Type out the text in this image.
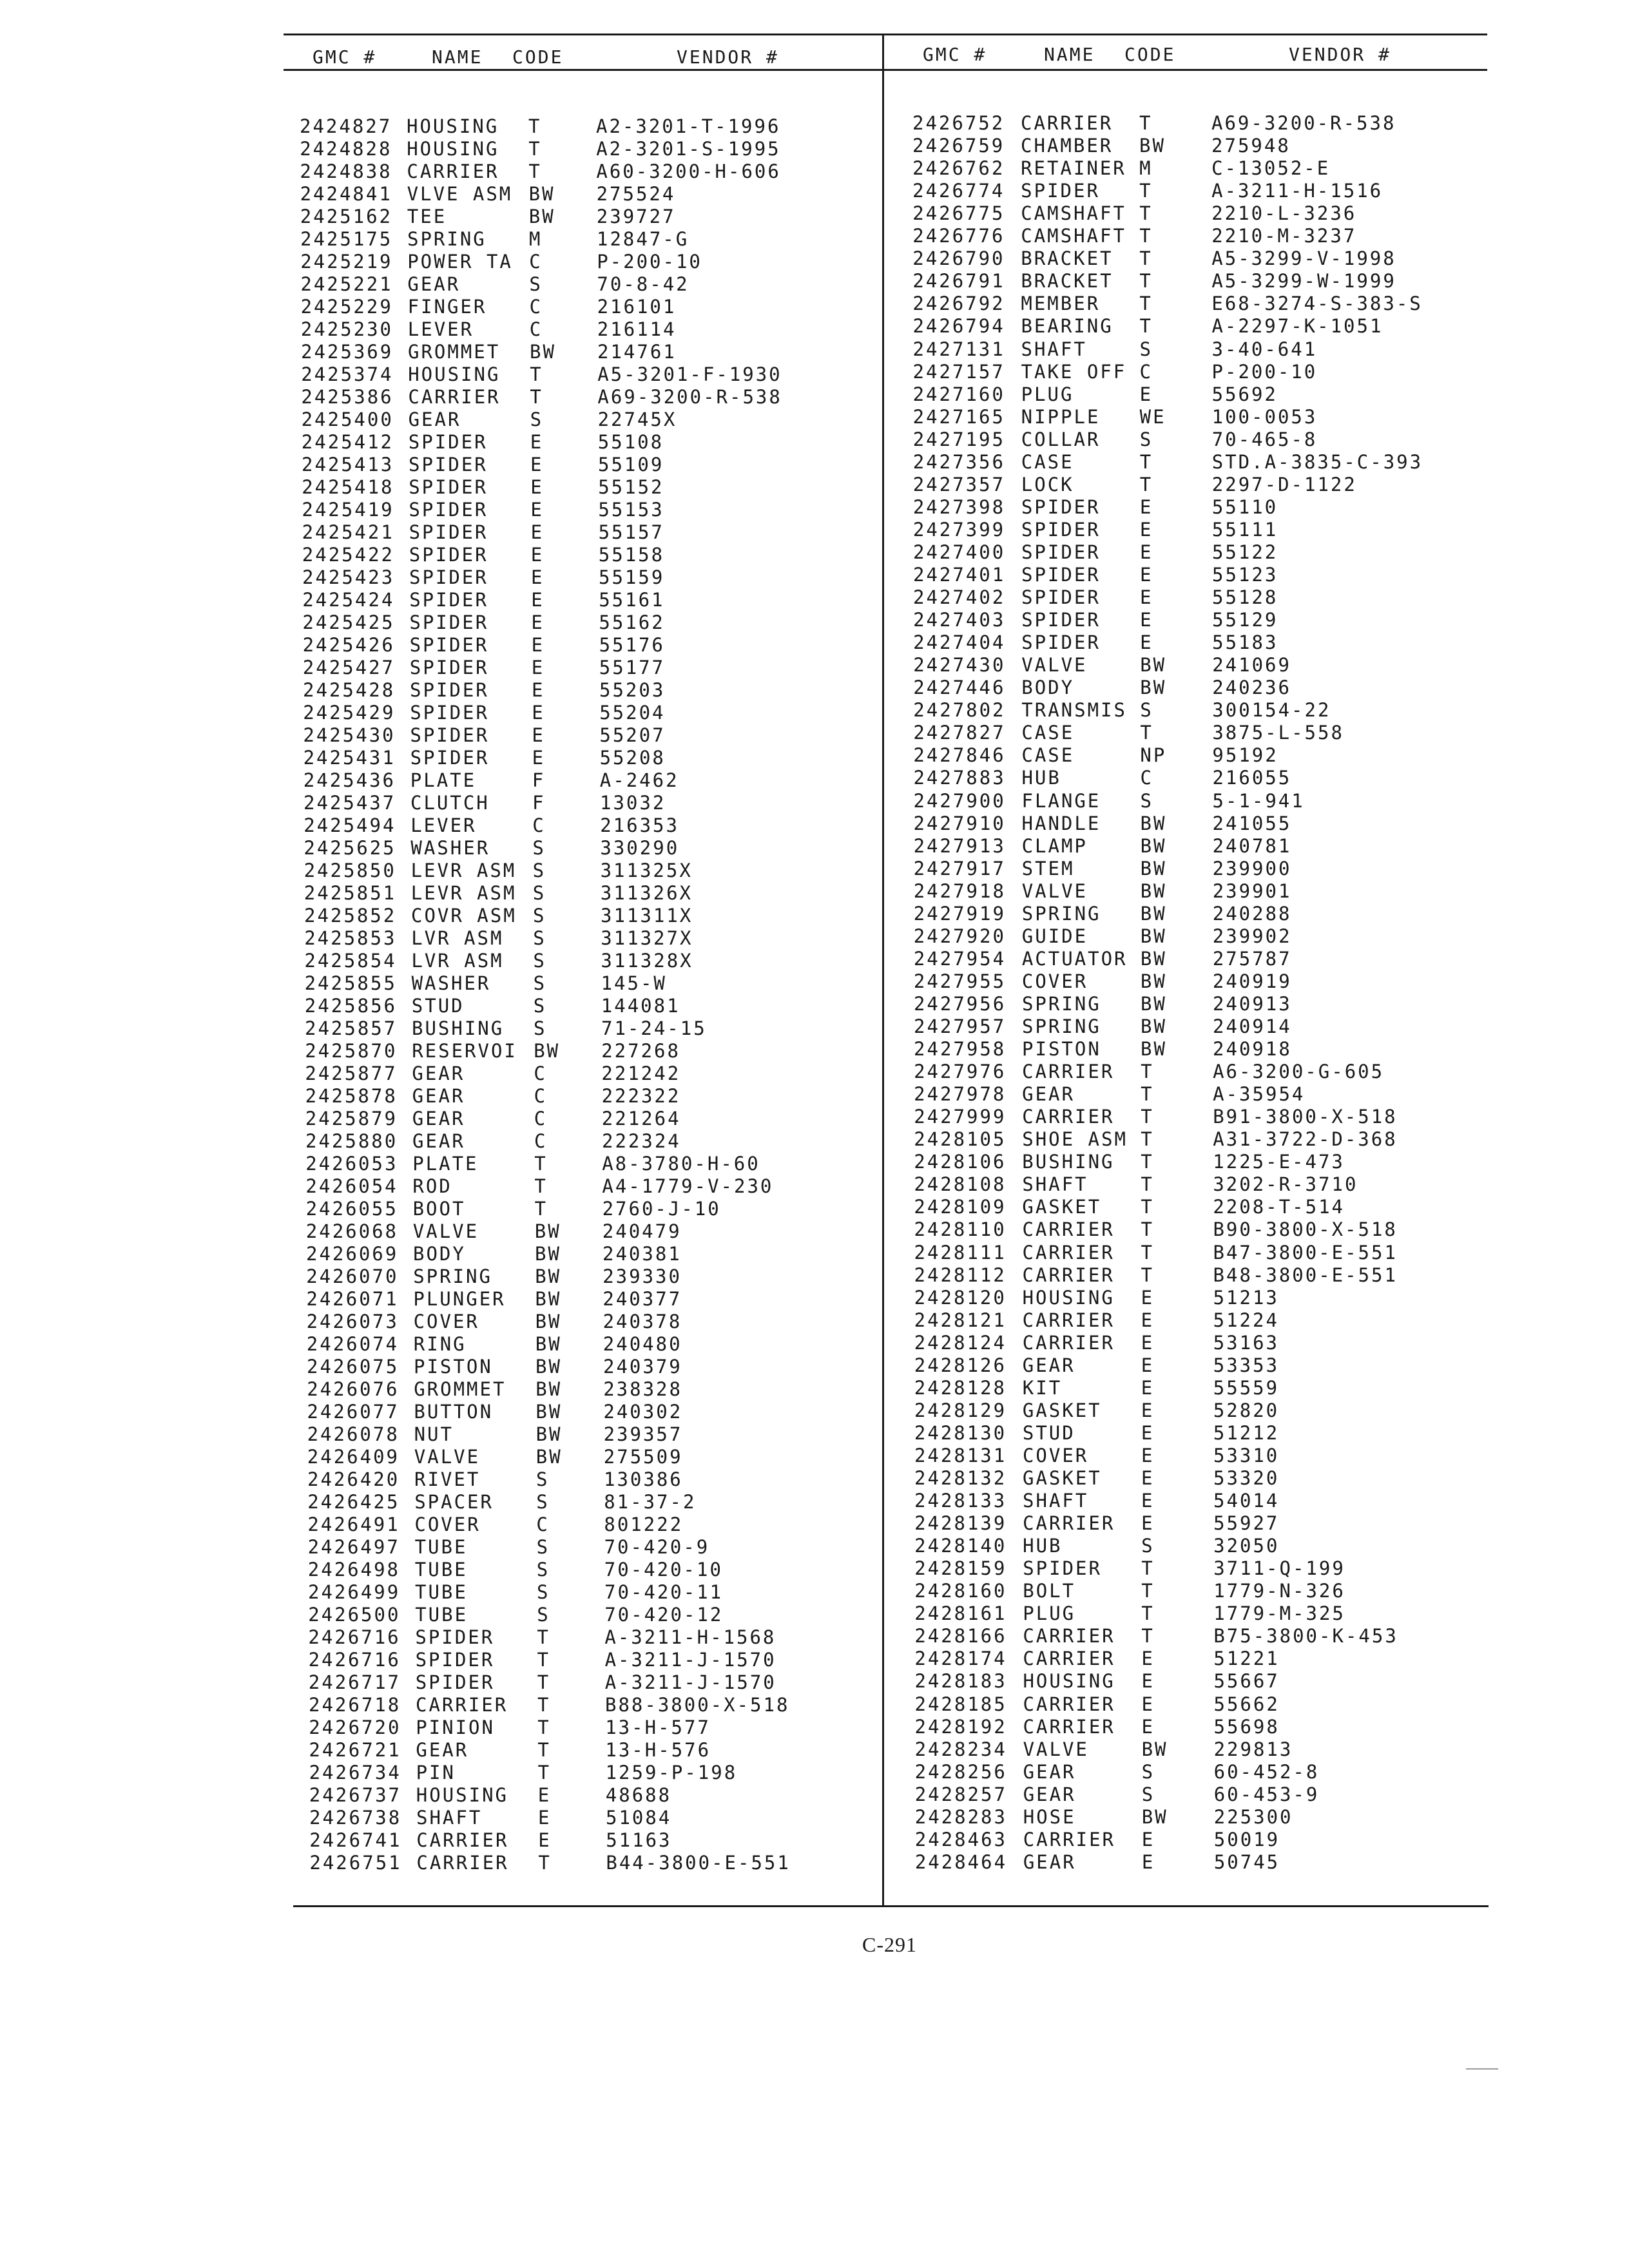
GMC #	NAME CODE	VENDOR #	GMC #	NAME CODE	VENDOR #
2424827 HOUSING T	A2-3201-T-1996
2424828 HOUSING T	A2-3201-S-1995
2424838 CARRIER T	A60-3200-H-606
2424841 VLVE ASM BW 275524
2425162 TEE	BW 239727
2425175 SPRING M	12847-G
2425219 POWER TA C	P-200-10
2425221 GEAR	S	70-8-42
2425229 FINGER C	216101
2425230 LEVER	C	216114
2425369 GROMMET BW 214761
2425374 HOUSING T	A5-3201-F-1930
2425386 CARRIER T	A69-3200-R-538
2425400 GEAR	S	22745X
2425412 SPIDER E	55108
2425413 SPIDER E	55109
2425418 SPIDER E	55152
2425419 SPIDER E	55153
2425421 SPIDER E	55157
2425422 SPIDER E	55158
2425423 SPIDER E	55159
2425424 SPIDER E	55161
2425425 SPIDER E	55162
2425426 SPIDER E	55176
2425427 SPIDER E	55177
2425428 SPIDER E	55203
2425429 SPIDER E	55204
2425430 SPIDER E	55207
2425431 SPIDER E	55208
2425436 PLATE	F	A-2462
2425437 CLUTCH F	13032
2425494 LEVER	C	216353
2425625 WASHER S	330290
2425850 LEVR ASM S	311325X
2425851 LEVR ASM S	311326X
2425852 COVR ASM S	311311X
2425853 LVR ASM S	311327X
2425854 LVR ASM S	311328X
2425855 WASHER S	145-W
2425856 STUD	S	144081
2425857 BUSHING S	71-24-15
2425870 RESERVOI BW 227268
2425877 GEAR	C	221242
2425878 GEAR	C	222322
2425879 GEAR	C	221264
2425880 GEAR	C	222324
2426053 PLATE	T	A8-3780-H-60
2426054 ROD	T	A4-1779-V-230
2426055 BOOT	T	2760-J-10
2426068 VALVE	BW 240479
2426069 BODY	BW 240381
2426070 SPRING BW 239330
2426071 PLUNGER BW 240377
2426073 COVER	BW 240378
2426074 RING	BW 240480
2426075 PISTON BW 240379
2426076 GROMMET BW 238328
2426077 BUTTON BW 240302
2426078 NUT	BW 239357
2426409 VALVE	BW 275509
2426420 RIVET	S	130386
2426425 SPACER S	81-37-2
2426491 COVER	C	801222
2426497 TUBE	S	70-420-9
2426498 TUBE	S	70-420-10
2426499 TUBE	S	70-420-11
2426500 TUBE	S	70-420-12
2426716 SPIDER T	A-3211-H-1568
2426716 SPIDER T	A-3211-J-1570
2426717 SPIDER T	A-3211-J-1570
2426718 CARRIER T	B88-3800-X-518
2426720 PINION T	13-H-577
2426721 GEAR	T	13-H-576
2426734 PIN	T	1259-P-198
2426737 HOUSING E	48688
2426738 SHAFT	E	51084
2426741 CARRIER E	51163
2426751 CARRIER T	B44-3800-E-551
2426752 CARRIER T	A69-3200-R-538
2426759 CHAMBER BW 275948
2426762 RETAINER M	C-13052-E
2426774 SPIDER T	A-3211-H-1516
2426775 CAMSHAFT T	2210-L-3236
2426776 CAMSHAFT T	2210-M-3237
2426790 BRACKET T	A5-3299-V-1998
2426791 BRACKET T	A5-3299-W-1999
2426792 MEMBER T	E68-3274-S-383-S
2426794 BEARING T	A-2297-K-1051
2427131 SHAFT	S	3-40-641
2427157 TAKE OFF C	P-200-10
2427160 PLUG	E	55692
2427165 NIPPLE WE 100-0053
2427195 COLLAR S	70-465-8
2427356 CASE	T	STD.A-3835-C-393
2427357 LOCK	T	2297-D-1122
2427398 SPIDER E	55110
2427399 SPIDER E	55111
2427400 SPIDER E	55122
2427401 SPIDER E	55123
2427402 SPIDER E	55128
2427403 SPIDER E	55129
2427404 SPIDER E	55183
2427430 VALVE	BW 241069
2427446 BODY	BW 240236
2427802 TRANSMIS S	300154-22
2427827 CASE	T	3875-L-558
2427846 CASE	NP 95192
2427883 HUB	C	216055
2427900 FLANGE S	5-1-941
2427910 HANDLE BW 241055
2427913 CLAMP	BW 240781
2427917 STEM	BW 239900
2427918 VALVE	BW 239901
2427919 SPRING BW 240288
2427920 GUIDE	BW 239902
2427954 ACTUATOR BW 275787
2427955 COVER	BW 240919
2427956 SPRING BW 240913
2427957 SPRING BW 240914
2427958 PISTON BW 240918
2427976 CARRIER T	A6-3200-G-605
2427978 GEAR	T	A-35954
2427999 CARRIER T	B91-3800-X-518
2428105 SHOE ASM T	A31-3722-D-368
2428106 BUSHING T	1225-E-473
2428108 SHAFT	T	3202-R-3710
2428109 GASKET T	2208-T-514
2428110 CARRIER T	B90-3800-X-518
2428111 CARRIER T	B47-3800-E-551
2428112 CARRIER T	B48-3800-E-551
2428120 HOUSING E	51213
2428121 CARRIER E	51224
2428124 CARRIER E	53163
2428126 GEAR	E	53353
2428128 KIT	E	55559
2428129 GASKET E	52820
2428130 STUD	E	51212
2428131 COVER	E	53310
2428132 GASKET E	53320
2428133 SHAFT	E	54014
2428139 CARRIER E	55927
2428140 HUB	S	32050
2428159 SPIDER T	3711-Q-199
2428160 BOLT	T	1779-N-326
2428161 PLUG	T	1779-M-325
2428166 CARRIER T	B75-3800-K-453
2428174 CARRIER E	51221
2428183 HOUSING E	55667
2428185 CARRIER E	55662
2428192 CARRIER E	55698
2428234 VALVE	BW 229813
2428256 GEAR	S	60-452-8
2428257 GEAR	S	60-453-9
2428283 HOSE	BW 225300
2428463 CARRIER E	50019
2428464 GEAR	E	50745
C-291
